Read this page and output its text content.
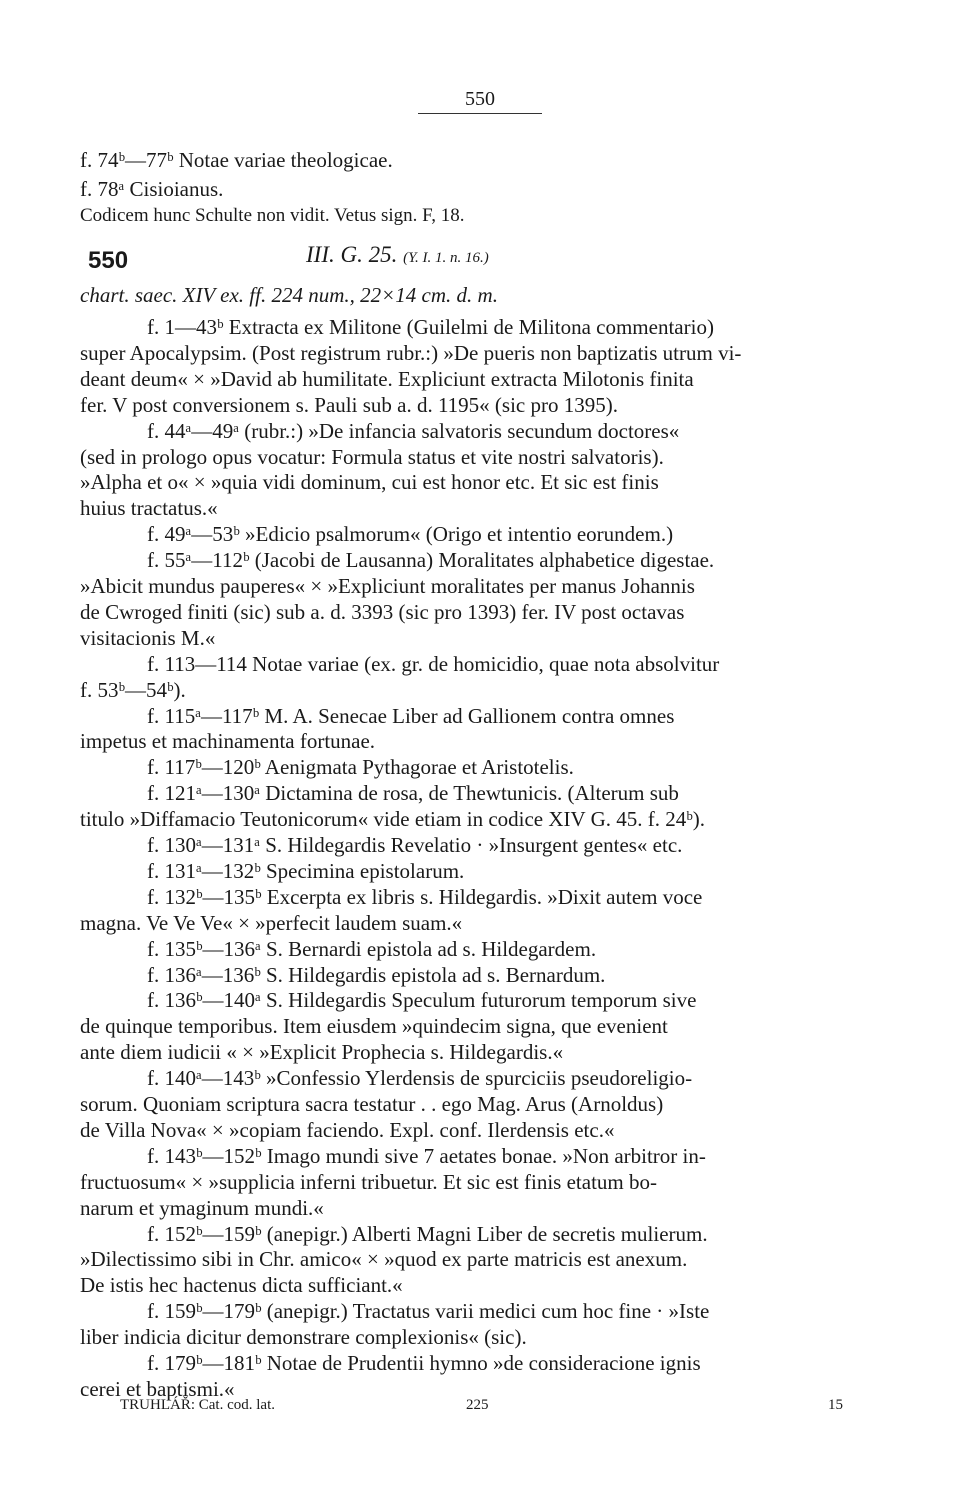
550
f. 74ᵇ—77ᵇ Notae variae theologicae.
f. 78ᵃ Cisioianus.
Codicem hunc Schulte non vidit. Vetus sign. F, 18.
550	III. G. 25. (Y. I. 1. n. 16.)
chart. saec. XIV ex. ff. 224 num., 22×14 cm. d. m.
f. 1—43ᵇ Extracta ex Militone (Guilelmi de Militona commentario)
super Apocalypsim. (Post registrum rubr.:) »De pueris non baptizatis utrum vi-
deant deum« × »David ab humilitate. Expliciunt extracta Milotonis finita
fer. V post conversionem s. Pauli sub a. d. 1195« (sic pro 1395).
f. 44ᵃ—49ᵃ (rubr.:) »De infancia salvatoris secundum doctores«
(sed in prologo opus vocatur: Formula status et vite nostri salvatoris).
»Alpha et o« × »quia vidi dominum, cui est honor etc. Et sic est finis
huius tractatus.«
f. 49ᵃ—53ᵇ »Edicio psalmorum« (Origo et intentio eorundem.)
f. 55ᵃ—112ᵇ (Jacobi de Lausanna) Moralitates alphabetice digestae.
»Abicit mundus pauperes« × »Expliciunt moralitates per manus Johannis
de Cwroged finiti (sic) sub a. d. 3393 (sic pro 1393) fer. IV post octavas
visitacionis M.«
f. 113—114 Notae variae (ex. gr. de homicidio, quae nota absolvitur
f. 53ᵇ—54ᵇ).
f. 115ᵃ—117ᵇ M. A. Senecae Liber ad Gallionem contra omnes
impetus et machinamenta fortunae.
f. 117ᵇ—120ᵇ Aenigmata Pythagorae et Aristotelis.
f. 121ᵃ—130ᵃ Dictamina de rosa, de Thewtunicis. (Alterum sub
titulo »Diffamacio Teutonicorum« vide etiam in codice XIV G. 45. f. 24ᵇ).
f. 130ᵃ—131ᵃ S. Hildegardis Revelatio · »Insurgent gentes« etc.
f. 131ᵃ—132ᵇ Specimina epistolarum.
f. 132ᵇ—135ᵇ Excerpta ex libris s. Hildegardis. »Dixit autem voce
magna. Ve Ve Ve« × »perfecit laudem suam.«
f. 135ᵇ—136ᵃ S. Bernardi epistola ad s. Hildegardem.
f. 136ᵃ—136ᵇ S. Hildegardis epistola ad s. Bernardum.
f. 136ᵇ—140ᵃ S. Hildegardis Speculum futurorum temporum sive
de quinque temporibus. Item eiusdem »quindecim signa, que evenient
ante diem iudicii « × »Explicit Prophecia s. Hildegardis.«
f. 140ᵃ—143ᵇ »Confessio Ylerdensis de spurciciis pseudoreligio-
sorum. Quoniam scriptura sacra testatur . . ego Mag. Arus (Arnoldus)
de Villa Nova« × »copiam faciendo. Expl. conf. Ilerdensis etc.«
f. 143ᵇ—152ᵇ Imago mundi sive 7 aetates bonae. »Non arbitror in-
fructuosum« × »supplicia inferni tribuetur. Et sic est finis etatum bo-
narum et ymaginum mundi.«
f. 152ᵇ—159ᵇ (anepigr.) Alberti Magni Liber de secretis mulierum.
»Dilectissimo sibi in Chr. amico« × »quod ex parte matricis est anexum.
De istis hec hactenus dicta sufficiant.«
f. 159ᵇ—179ᵇ (anepigr.) Tractatus varii medici cum hoc fine · »Iste
liber indicia dicitur demonstrare complexionis« (sic).
f. 179ᵇ—181ᵇ Notae de Prudentii hymno »de consideracione ignis
cerei et baptismi.«
TRUHLÁŘ: Cat. cod. lat.	225	15
